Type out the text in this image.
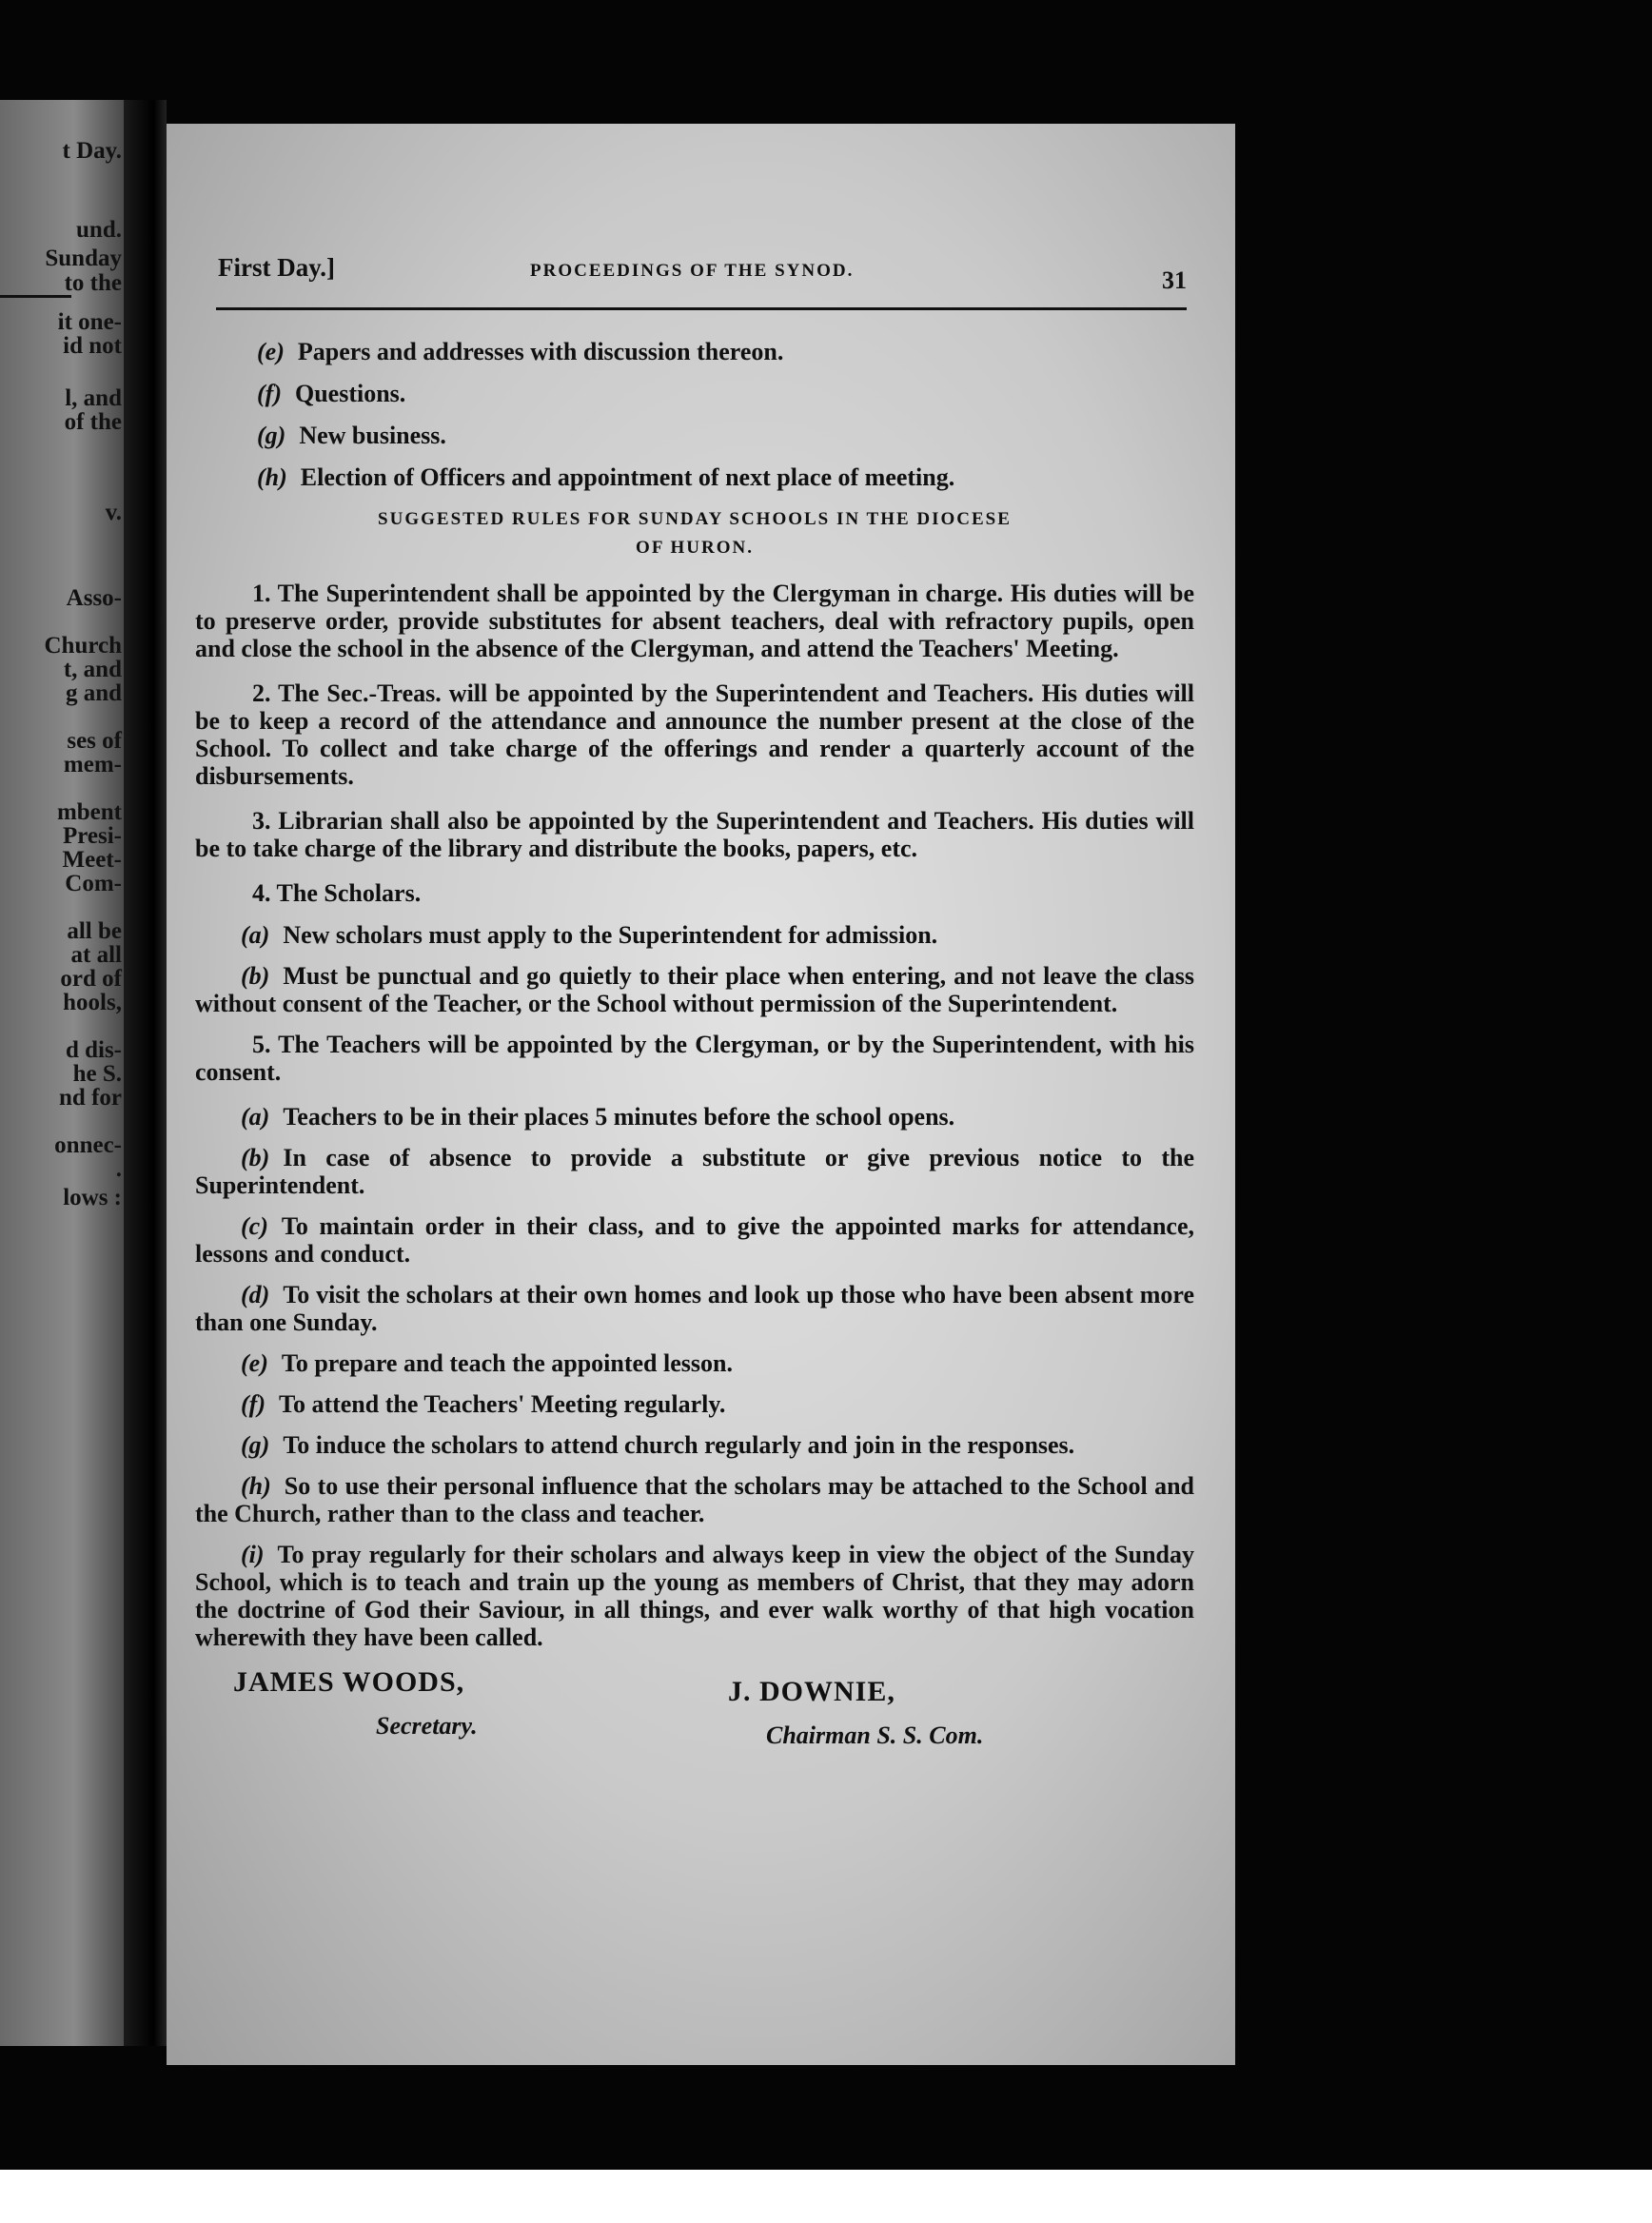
t Day.
und.
Sunday
to the
it one-
id not
l, and
of the
v.
Asso-
Church
t, and
g and
ses of
mem-
mbent
Presi-
Meet-
Com-
all be
at all
ord of
hools,
d dis-
he S.
nd for
onnec-
.
lows :
First Day.]	PROCEEDINGS OF THE SYNOD.	31
(e) Papers and addresses with discussion thereon.
(f) Questions.
(g) New business.
(h) Election of Officers and appointment of next place of meeting.
SUGGESTED RULES FOR SUNDAY SCHOOLS IN THE DIOCESE
OF HURON.

1. The Superintendent shall be appointed by the Clergyman in charge. His duties will be to preserve order, provide substitutes for absent teachers, deal with refractory pupils, open and close the school in the absence of the Clergyman, and attend the Teachers' Meeting.

2. The Sec.-Treas. will be appointed by the Superintendent and Teachers. His duties will be to keep a record of the attendance and announce the number present at the close of the School. To collect and take charge of the offerings and render a quarterly account of the disbursements.

3. Librarian shall also be appointed by the Superintendent and Teachers. His duties will be to take charge of the library and distribute the books, papers, etc.

4. The Scholars.

(a) New scholars must apply to the Superintendent for admission.

(b) Must be punctual and go quietly to their place when entering, and not leave the class without consent of the Teacher, or the School without permission of the Superintendent.

5. The Teachers will be appointed by the Clergyman, or by the Superintendent, with his consent.

(a) Teachers to be in their places 5 minutes before the school opens.

(b) In case of absence to provide a substitute or give previous notice to the Superintendent.

(c) To maintain order in their class, and to give the appointed marks for attendance, lessons and conduct.

(d) To visit the scholars at their own homes and look up those who have been absent more than one Sunday.

(e) To prepare and teach the appointed lesson.

(f) To attend the Teachers' Meeting regularly.

(g) To induce the scholars to attend church regularly and join in the responses.

(h) So to use their personal influence that the scholars may be attached to the School and the Church, rather than to the class and teacher.

(i) To pray regularly for their scholars and always keep in view the object of the Sunday School, which is to teach and train up the young as members of Christ, that they may adorn the doctrine of God their Saviour, in all things, and ever walk worthy of that high vocation wherewith they have been called.

JAMES WOODS,
Secretary.
J. DOWNIE,
Chairman S. S. Com.
